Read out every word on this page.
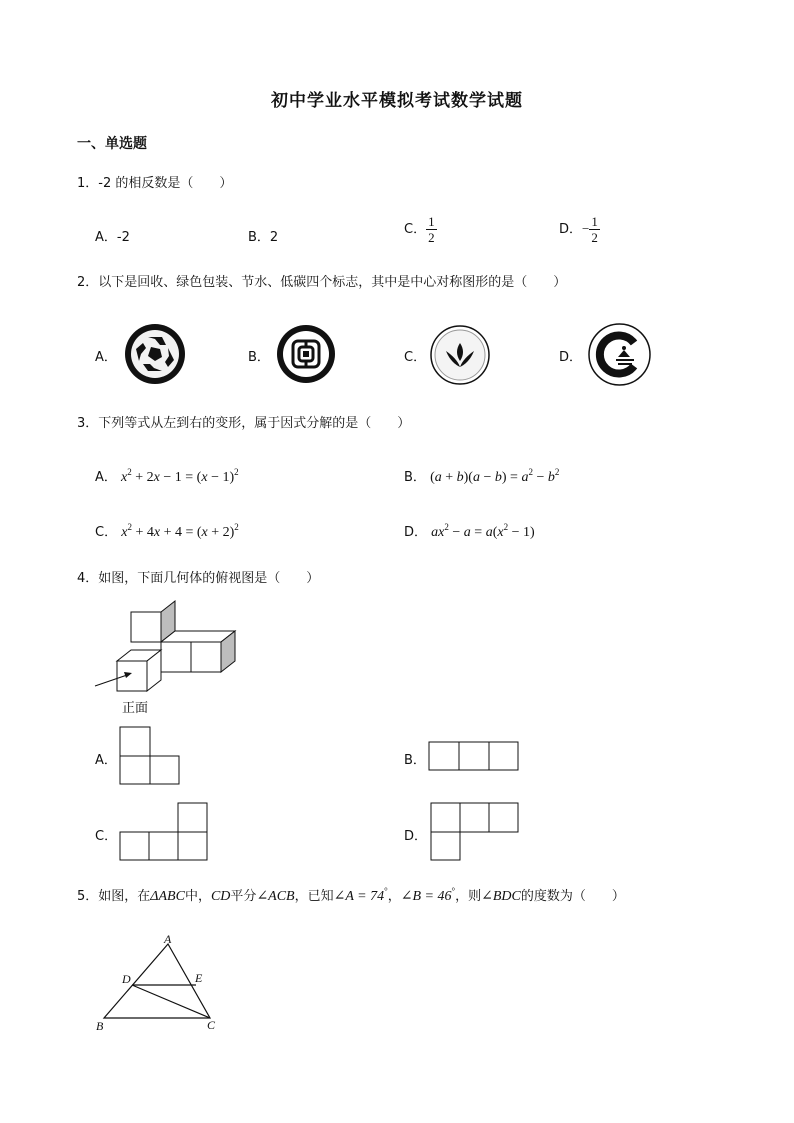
初中学业水平模拟考试数学试题
一、单选题
1．-2 的相反数是（　　）
A．-2	B．2
C． $\frac{1}{2}$	D．− $\frac{1}{2}$
2．以下是回收、绿色包装、节水、低碳四个标志，其中是中心对称图形的是（　　）
A．	B．	C．	D．
3．下列等式从左到右的变形，属于因式分解的是（　　）
A． $x^2 + 2x - 1 = (x - 1)^2$	B． $(a + b)(a - b) = a^2 - b^2$
C． $x^2 + 4x + 4 = (x + 2)^2$	D． $ax^2 - a = a(x^2 - 1)$
4．如图，下面几何体的俯视图是（　　）
正面
A．	B．
C．	D．
5．如图，在ΔABC中，CD平分∠ACB，已知∠A = 74°，∠B = 46°，则∠BDC的度数为（　　）
A
D	E
B	C
